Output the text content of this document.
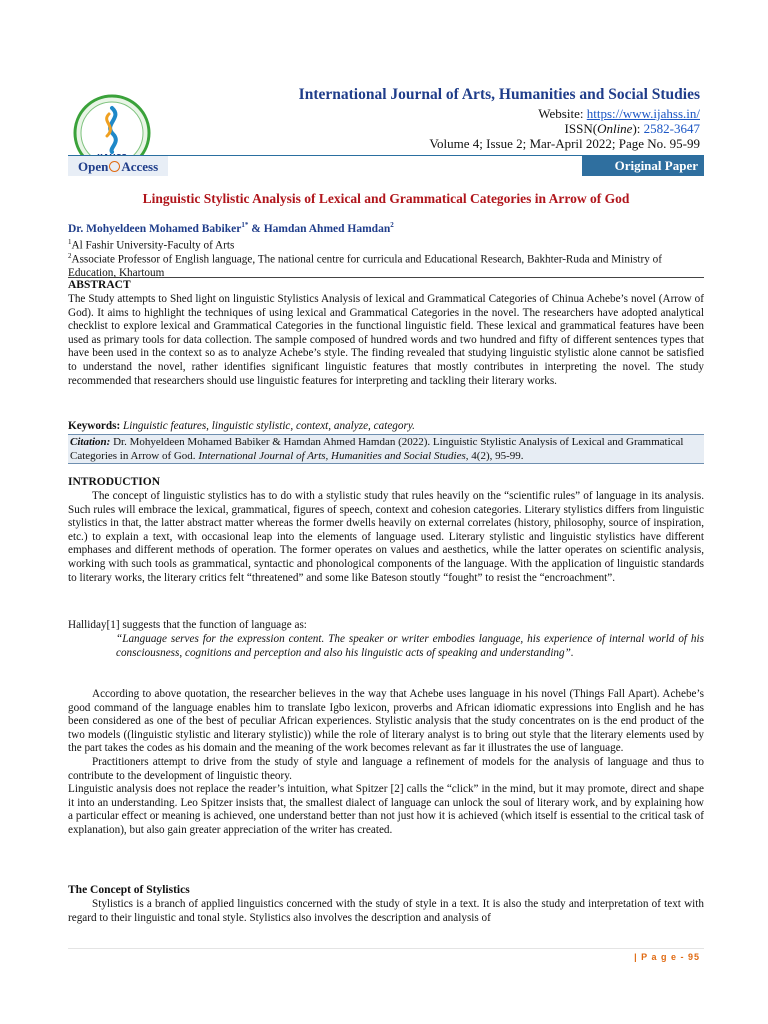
International Journal of Arts, Humanities and Social Studies
Website: https://www.ijahss.in/
ISSN(Online): 2582-3647
Volume 4; Issue 2; Mar-April 2022; Page No. 95-99
Original Paper
Open Access
Linguistic Stylistic Analysis of Lexical and Grammatical Categories in Arrow of God
Dr. Mohyeldeen Mohamed Babiker$^{1*}$ & Hamdan Ahmed Hamdan$^2$
$^1$Al Fashir University-Faculty of Arts
$^2$Associate Professor of English language, The national centre for curricula and Educational Research, Bakhter-Ruda and Ministry of Education, Khartoum
ABSTRACT
The Study attempts to Shed light on linguistic Stylistics Analysis of lexical and Grammatical Categories of Chinua Achebe’s novel (Arrow of God). It aims to highlight the techniques of using lexical and Grammatical Categories in the novel. The researchers have adopted analytical checklist to explore lexical and Grammatical Categories in the functional linguistic field. These lexical and grammatical features have been used as primary tools for data collection. The sample composed of hundred words and two hundred and fifty of different sentences types that have been used in the context so as to analyze Achebe’s style. The finding revealed that studying linguistic stylistic alone cannot be satisfied to understand the novel, rather identifies significant linguistic features that mostly contributes in interpreting the novel. The study recommended that researchers should use linguistic features for interpreting and tackling their literary works.
Keywords: Linguistic features, linguistic stylistic, context, analyze, category.
Citation: Dr. Mohyeldeen Mohamed Babiker & Hamdan Ahmed Hamdan (2022). Linguistic Stylistic Analysis of Lexical and Grammatical Categories in Arrow of God. International Journal of Arts, Humanities and Social Studies, 4(2), 95-99.
INTRODUCTION

The concept of linguistic stylistics has to do with a stylistic study that rules heavily on the “scientific rules” of language in its analysis. Such rules will embrace the lexical, grammatical, figures of speech, context and cohesion categories. Literary stylistics differs from linguistic stylistics in that, the latter abstract matter whereas the former dwells heavily on external correlates (history, philosophy, source of inspiration, etc.) to explain a text, with occasional leap into the elements of language used. Literary stylistic and linguistic stylistics have different emphases and different methods of operation. The former operates on values and aesthetics, while the latter operates on scientific analysis, working with such tools as grammatical, syntactic and phonological components of the language. With the application of linguistic standards to literary works, the literary critics felt “threatened” and some like Bateson stoutly “fought” to resist the “encroachment”.

Halliday[1] suggests that the function of language as:

“Language serves for the expression content. The speaker or writer embodies language, his experience of internal world of his consciousness, cognitions and perception and also his linguistic acts of speaking and understanding”.

According to above quotation, the researcher believes in the way that Achebe uses language in his novel (Things Fall Apart). Achebe’s good command of the language enables him to translate Igbo lexicon, proverbs and African idiomatic expressions into English and he has been considered as one of the best of peculiar African experiences. Stylistic analysis that the study concentrates on is the end product of the two models ((linguistic stylistic and literary stylistic)) while the role of literary analyst is to bring out style that the literary elements used by the part takes the codes as his domain and the meaning of the work becomes relevant as far it illustrates the use of language.

Practitioners attempt to drive from the study of style and language a refinement of models for the analysis of language and thus to contribute to the development of linguistic theory.

Linguistic analysis does not replace the reader’s intuition, what Spitzer [2] calls the “click” in the mind, but it may promote, direct and shape it into an understanding. Leo Spitzer insists that, the smallest dialect of language can unlock the soul of literary work, and by explaining how a particular effect or meaning is achieved, one understand better than not just how it is achieved (which itself is essential to the critical task of explanation), but also gain greater appreciation of the writer has created.

The Concept of Stylistics

Stylistics is a branch of applied linguistics concerned with the study of style in a text. It is also the study and interpretation of text with regard to their linguistic and tonal style. Stylistics also involves the description and analysis of

| P a g e - 95
